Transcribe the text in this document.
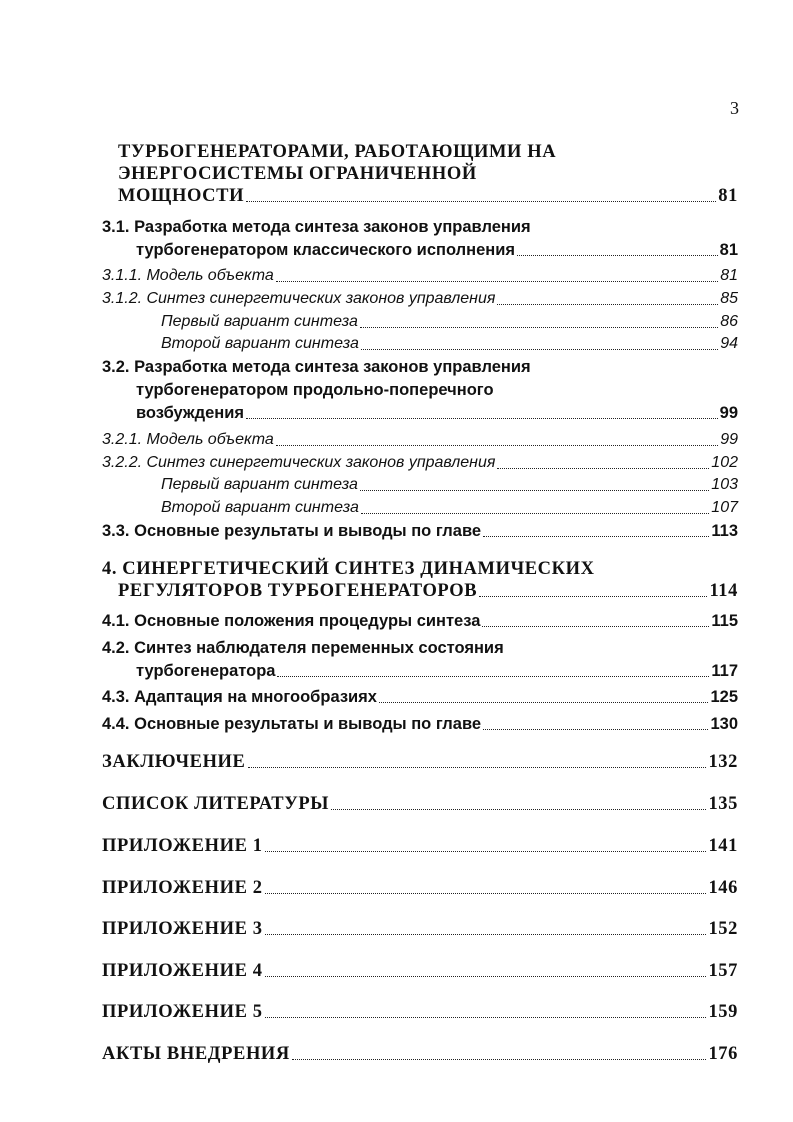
3
ТУРБОГЕНЕРАТОРАМИ, РАБОТАЮЩИМИ НА
ЭНЕРГОСИСТЕМЫ ОГРАНИЧЕННОЙ
МОЩНОСТИ	81
3.1. Разработка метода синтеза законов управления
турбогенератором классического исполнения	81
3.1.1. Модель объекта	81
3.1.2. Синтез синергетических законов управления	85
Первый вариант синтеза	86
Второй вариант синтеза	94
3.2. Разработка метода синтеза законов управления
турбогенератором продольно-поперечного
возбуждения	99
3.2.1. Модель объекта	99
3.2.2. Синтез синергетических законов управления	102
Первый вариант синтеза	103
Второй вариант синтеза	107
3.3. Основные результаты и выводы по главе	113
4. СИНЕРГЕТИЧЕСКИЙ СИНТЕЗ ДИНАМИЧЕСКИХ
РЕГУЛЯТОРОВ ТУРБОГЕНЕРАТОРОВ	114
4.1. Основные положения процедуры синтеза	115
4.2. Синтез наблюдателя переменных состояния
турбогенератора	117
4.3. Адаптация на многообразиях	125
4.4. Основные результаты и выводы по главе	130
ЗАКЛЮЧЕНИЕ	132
СПИСОК ЛИТЕРАТУРЫ	135
ПРИЛОЖЕНИЕ 1	141
ПРИЛОЖЕНИЕ 2	146
ПРИЛОЖЕНИЕ 3	152
ПРИЛОЖЕНИЕ 4	157
ПРИЛОЖЕНИЕ 5	159
АКТЫ ВНЕДРЕНИЯ	176
